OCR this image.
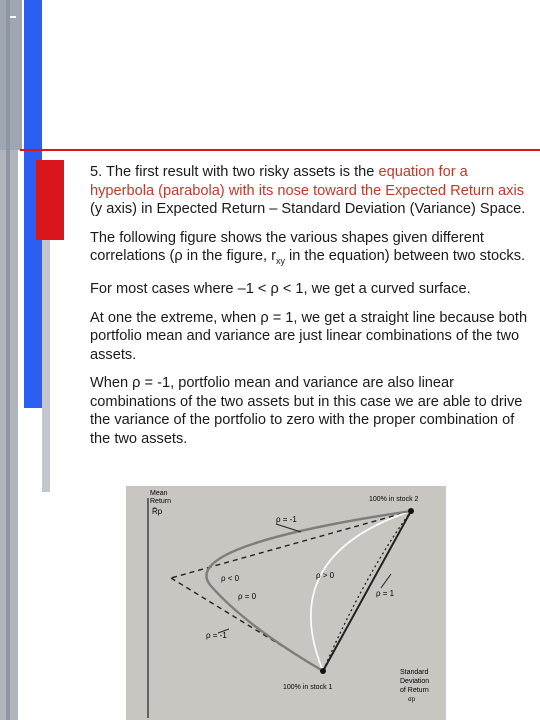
Mean
Return
R̄p
100% in stock 2
100% in stock 1
Standard
Deviation
of Return
σp
ρ = -1
ρ < 0
ρ = 0
ρ > 0
ρ = 1
ρ = -1

5. The first result with two risky assets is the equation for a hyperbola (parabola) with its nose toward the Expected Return axis (y axis) in Expected Return – Standard Deviation (Variance) Space.

The following figure shows the various shapes given different correlations (ρ in the figure, $r_{xy}$ in the equation) between two stocks.

For most cases where –1 < ρ < 1, we get a curved surface.

At one the extreme, when ρ = 1, we get a straight line because both portfolio mean and variance are just linear combinations of the two assets.

When ρ = -1, portfolio mean and variance are also linear combinations of the two assets but in this case we are able to drive the variance of the portfolio to zero with the proper combination of the two assets.
